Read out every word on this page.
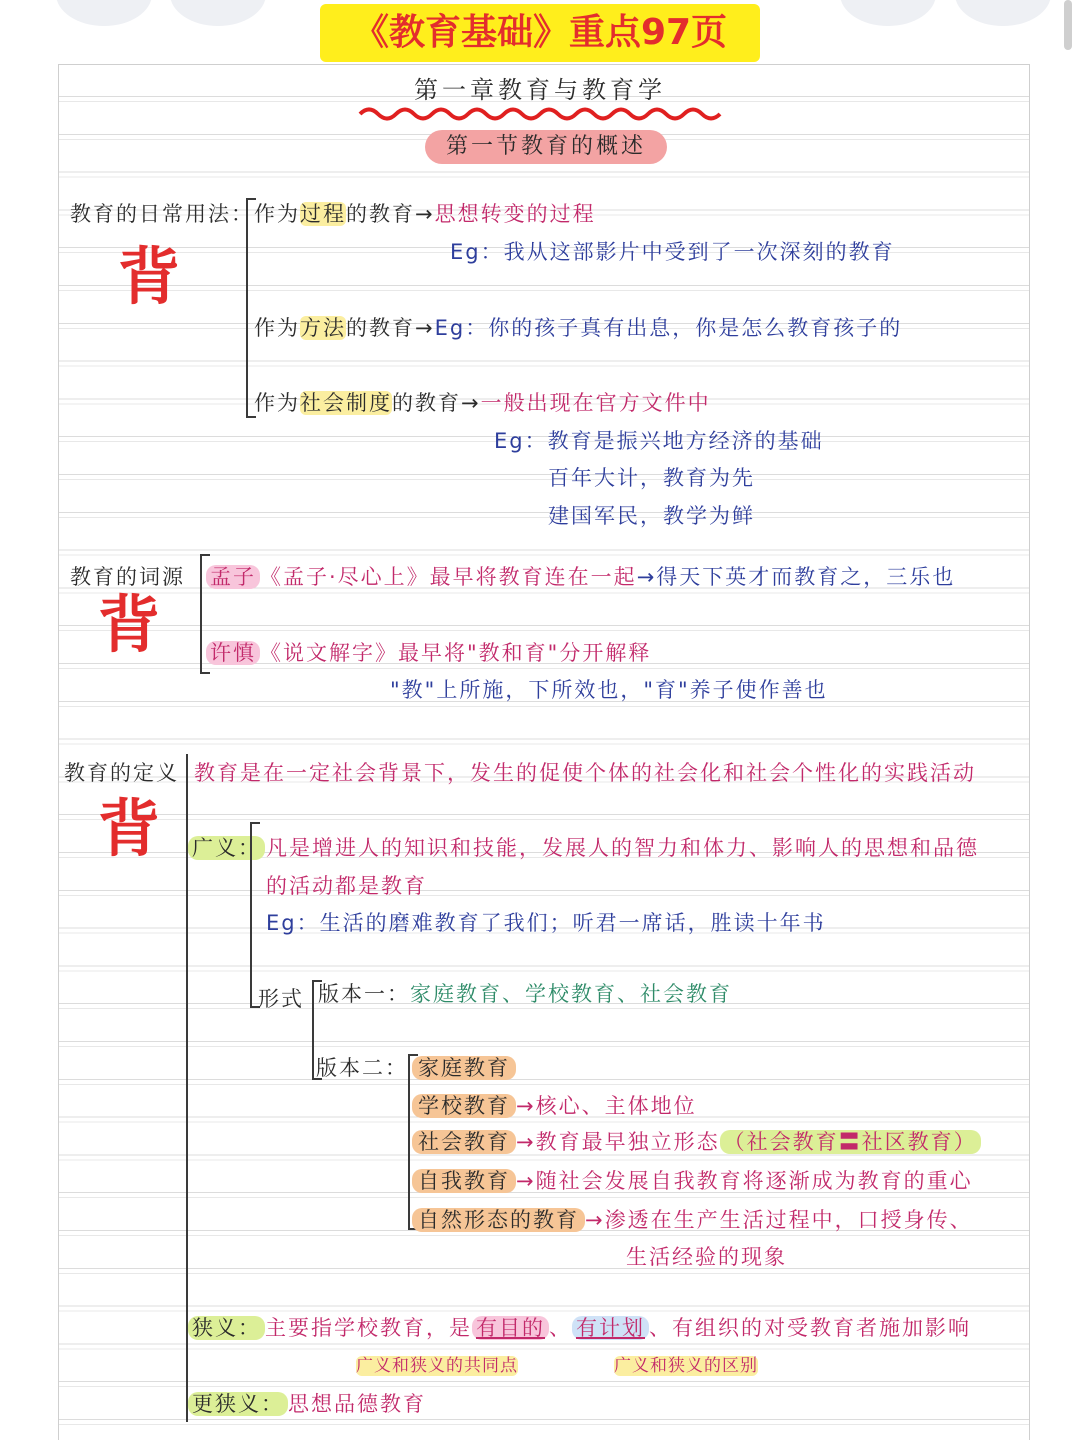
《教育基础》重点97页
第一章教育与教育学
第一节教育的概述
教育的日常用法：
背
作为过程的教育→思想转变的过程
Eg：我从这部影片中受到了一次深刻的教育
作为方法的教育→Eg：你的孩子真有出息，你是怎么教育孩子的
作为社会制度的教育→一般出现在官方文件中
Eg：教育是振兴地方经济的基础
百年大计，教育为先
建国军民，教学为鲜
教育的词源
背
孟子 《孟子·尽心上》最早将教育连在一起→得天下英才而教育之，三乐也
许慎 《说文解字》最早将"教和育"分开解释
"教"上所施，下所效也，"育"养子使作善也
教育的定义
背
教育是在一定社会背景下，发生的促使个体的社会化和社会个性化的实践活动
广义： 凡是增进人的知识和技能，发展人的智力和体力、影响人的思想和品德
的活动都是教育
Eg：生活的磨难教育了我们；听君一席话，胜读十年书
形式 版本一：家庭教育、学校教育、社会教育
版本二： 家庭教育
学校教育 →核心、主体地位
社会教育 →教育最早独立形态 （社会教育〓社区教育）
自我教育 →随社会发展自我教育将逐渐成为教育的重心
自然形态的教育 →渗透在生产生活过程中，口授身传、
生活经验的现象
狭义： 主要指学校教育，是 有目的 、 有计划 、有组织的对受教育者施加影响
广义和狭义的共同点	广义和狭义的区别
更狭义： 思想品德教育
